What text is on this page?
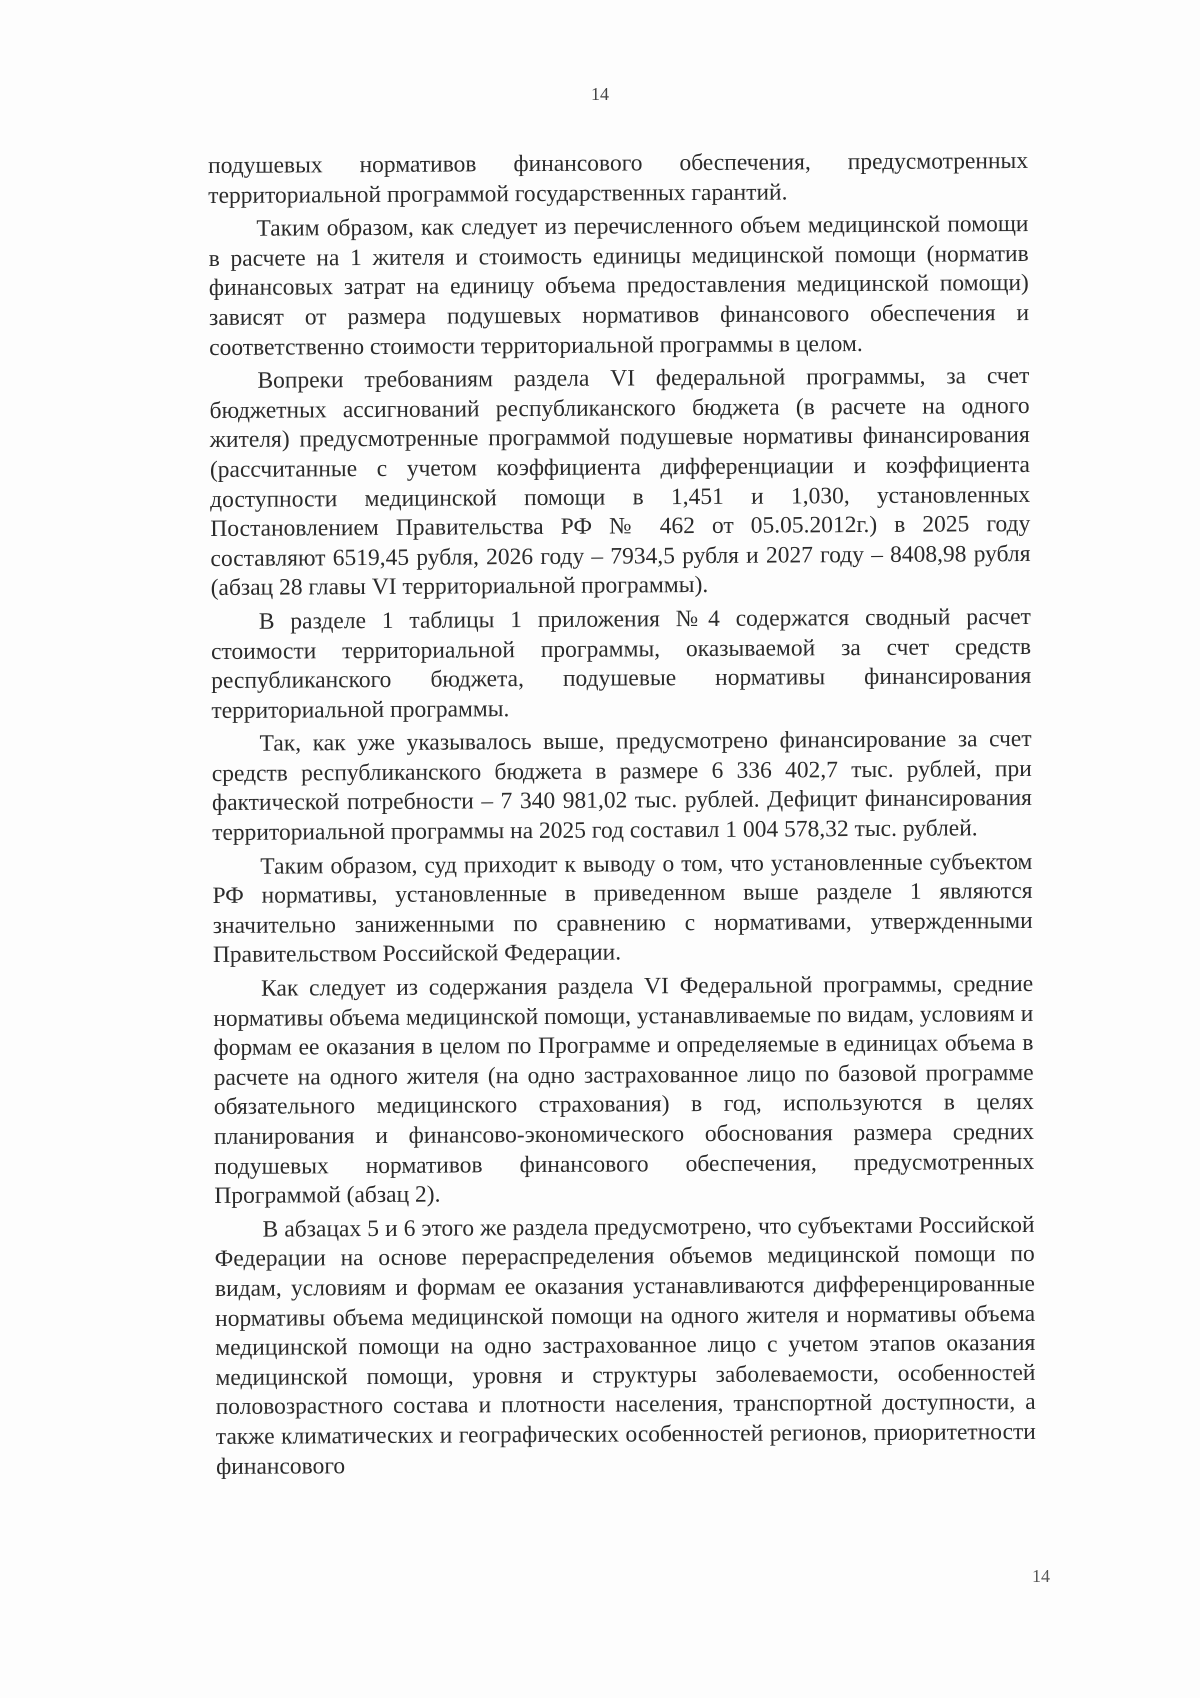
14

подушевых нормативов финансового обеспечения, предусмотренных территориальной программой государственных гарантий.

Таким образом, как следует из перечисленного объем медицинской помощи в расчете на 1 жителя и стоимость единицы медицинской помощи (норматив финансовых затрат на единицу объема предоставления медицинской помощи) зависят от размера подушевых нормативов финансового обеспечения и соответственно стоимости территориальной программы в целом.

Вопреки требованиям раздела VI федеральной программы, за счет бюджетных ассигнований республиканского бюджета (в расчете на одного жителя) предусмотренные программой подушевые нормативы финансирования (рассчитанные с учетом коэффициента дифференциации и коэффициента доступности медицинской помощи в 1,451 и 1,030, установленных Постановлением Правительства РФ № 462 от 05.05.2012г.) в 2025 году составляют 6519,45 рубля, 2026 году – 7934,5 рубля и 2027 году – 8408,98 рубля (абзац 28 главы VI территориальной программы).

В разделе 1 таблицы 1 приложения №4 содержатся сводный расчет стоимости территориальной программы, оказываемой за счет средств республиканского бюджета, подушевые нормативы финансирования территориальной программы.

Так, как уже указывалось выше, предусмотрено финансирование за счет средств республиканского бюджета в размере 6 336 402,7 тыс. рублей, при фактической потребности – 7 340 981,02 тыс. рублей. Дефицит финансирования территориальной программы на 2025 год составил 1 004 578,32 тыс. рублей.

Таким образом, суд приходит к выводу о том, что установленные субъектом РФ нормативы, установленные в приведенном выше разделе 1 являются значительно заниженными по сравнению с нормативами, утвержденными Правительством Российской Федерации.

Как следует из содержания раздела VI Федеральной программы, средние нормативы объема медицинской помощи, устанавливаемые по видам, условиям и формам ее оказания в целом по Программе и определяемые в единицах объема в расчете на одного жителя (на одно застрахованное лицо по базовой программе обязательного медицинского страхования) в год, используются в целях планирования и финансово-экономического обоснования размера средних подушевых нормативов финансового обеспечения, предусмотренных Программой (абзац 2).

В абзацах 5 и 6 этого же раздела предусмотрено, что субъектами Российской Федерации на основе перераспределения объемов медицинской помощи по видам, условиям и формам ее оказания устанавливаются дифференцированные нормативы объема медицинской помощи на одного жителя и нормативы объема медицинской помощи на одно застрахованное лицо с учетом этапов оказания медицинской помощи, уровня и структуры заболеваемости, особенностей половозрастного состава и плотности населения, транспортной доступности, а также климатических и географических особенностей регионов, приоритетности финансового

14
